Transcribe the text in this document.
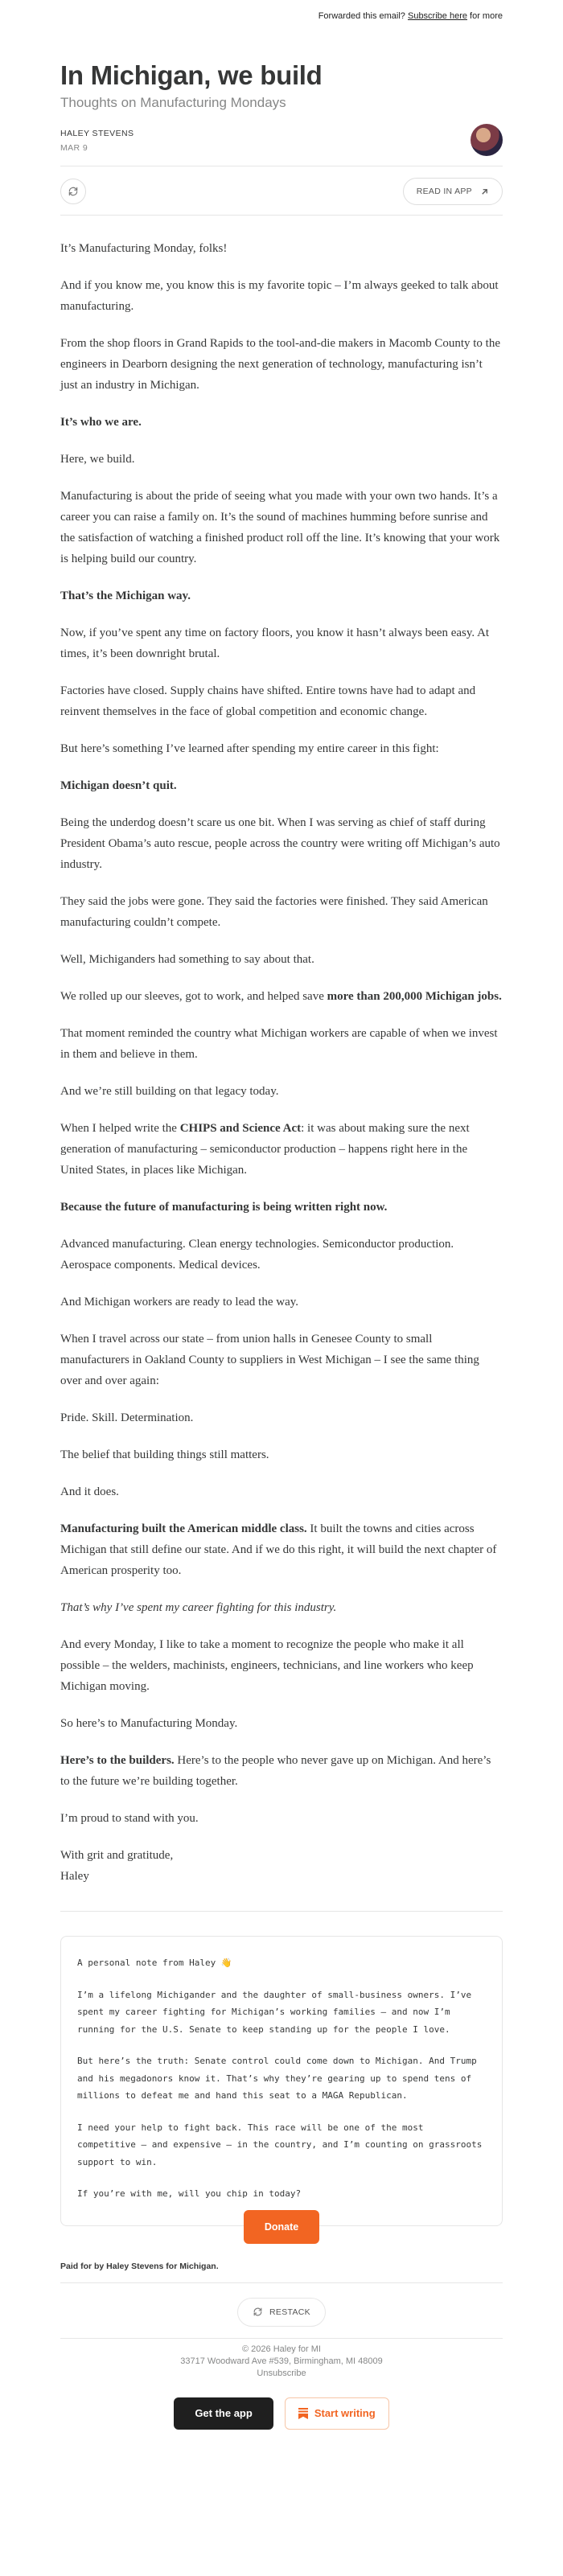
Forwarded this email? Subscribe here for more
In Michigan, we build
Thoughts on Manufacturing Mondays
HALEY STEVENS
MAR 9
READ IN APP

It’s Manufacturing Monday, folks!

And if you know me, you know this is my favorite topic – I’m always geeked to talk about manufacturing.

From the shop floors in Grand Rapids to the tool-and-die makers in Macomb County to the engineers in Dearborn designing the next generation of technology, manufacturing isn’t just an industry in Michigan.

It’s who we are.

Here, we build.

Manufacturing is about the pride of seeing what you made with your own two hands. It’s a career you can raise a family on. It’s the sound of machines humming before sunrise and the satisfaction of watching a finished product roll off the line. It’s knowing that your work is helping build our country.

That’s the Michigan way.

Now, if you’ve spent any time on factory floors, you know it hasn’t always been easy. At times, it’s been downright brutal.

Factories have closed. Supply chains have shifted. Entire towns have had to adapt and reinvent themselves in the face of global competition and economic change.

But here’s something I’ve learned after spending my entire career in this fight:

Michigan doesn’t quit.

Being the underdog doesn’t scare us one bit. When I was serving as chief of staff during President Obama’s auto rescue, people across the country were writing off Michigan’s auto industry.

They said the jobs were gone. They said the factories were finished. They said American manufacturing couldn’t compete.

Well, Michiganders had something to say about that.

We rolled up our sleeves, got to work, and helped save more than 200,000 Michigan jobs.

That moment reminded the country what Michigan workers are capable of when we invest in them and believe in them.

And we’re still building on that legacy today.

When I helped write the CHIPS and Science Act: it was about making sure the next generation of manufacturing – semiconductor production – happens right here in the United States, in places like Michigan.

Because the future of manufacturing is being written right now.

Advanced manufacturing. Clean energy technologies. Semiconductor production. Aerospace components. Medical devices.

And Michigan workers are ready to lead the way.

When I travel across our state – from union halls in Genesee County to small manufacturers in Oakland County to suppliers in West Michigan – I see the same thing over and over again:

Pride. Skill. Determination.

The belief that building things still matters.

And it does.

Manufacturing built the American middle class. It built the towns and cities across Michigan that still define our state. And if we do this right, it will build the next chapter of American prosperity too.

That’s why I’ve spent my career fighting for this industry.

And every Monday, I like to take a moment to recognize the people who make it all possible – the welders, machinists, engineers, technicians, and line workers who keep Michigan moving.

So here’s to Manufacturing Monday.

Here’s to the builders. Here’s to the people who never gave up on Michigan. And here’s to the future we’re building together.

I’m proud to stand with you.

With grit and gratitude,
Haley

A personal note from Haley 👋

I’m a lifelong Michigander and the daughter of small-business owners. I’ve spent my career fighting for Michigan’s working families – and now I’m running for the U.S. Senate to keep standing up for the people I love.

But here’s the truth: Senate control could come down to Michigan. And Trump and his megadonors know it. That’s why they’re gearing up to spend tens of millions to defeat me and hand this seat to a MAGA Republican.

I need your help to fight back. This race will be one of the most competitive – and expensive – in the country, and I’m counting on grassroots support to win.

If you’re with me, will you chip in today?

Donate
Paid for by Haley Stevens for Michigan.
RESTACK
© 2026 Haley for MI
33717 Woodward Ave #539, Birmingham, MI 48009
Unsubscribe
Get the app	Start writing
